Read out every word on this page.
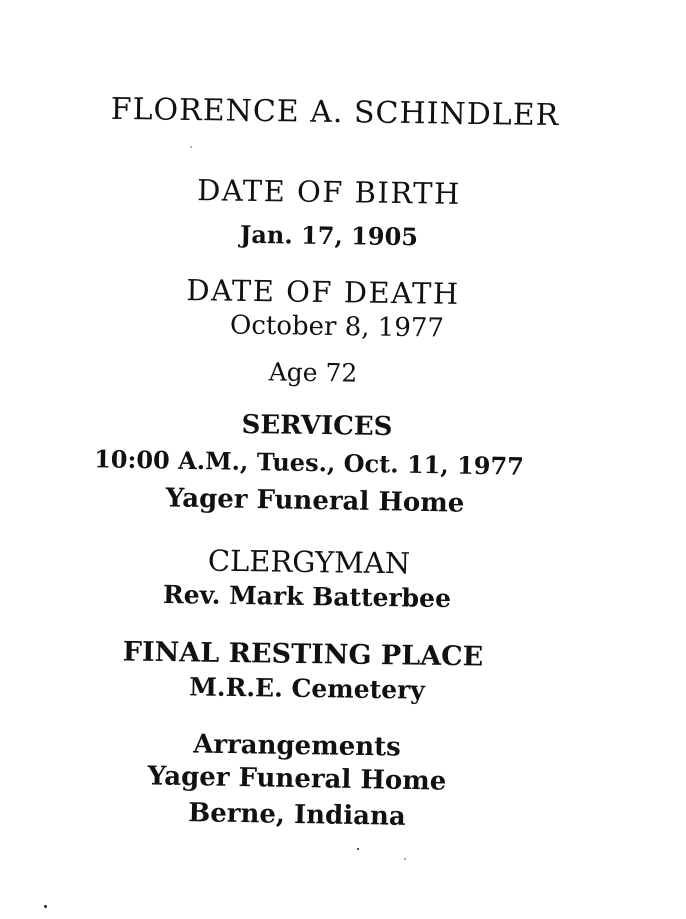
FLORENCE A. SCHINDLER
DATE OF BIRTH
Jan. 17, 1905
DATE OF DEATH
October 8, 1977
Age 72
SERVICES
10:00 A.M., Tues., Oct. 11, 1977
Yager Funeral Home
CLERGYMAN
Rev. Mark Batterbee
FINAL RESTING PLACE
M.R.E. Cemetery
Arrangements
Yager Funeral Home
Berne, Indiana
